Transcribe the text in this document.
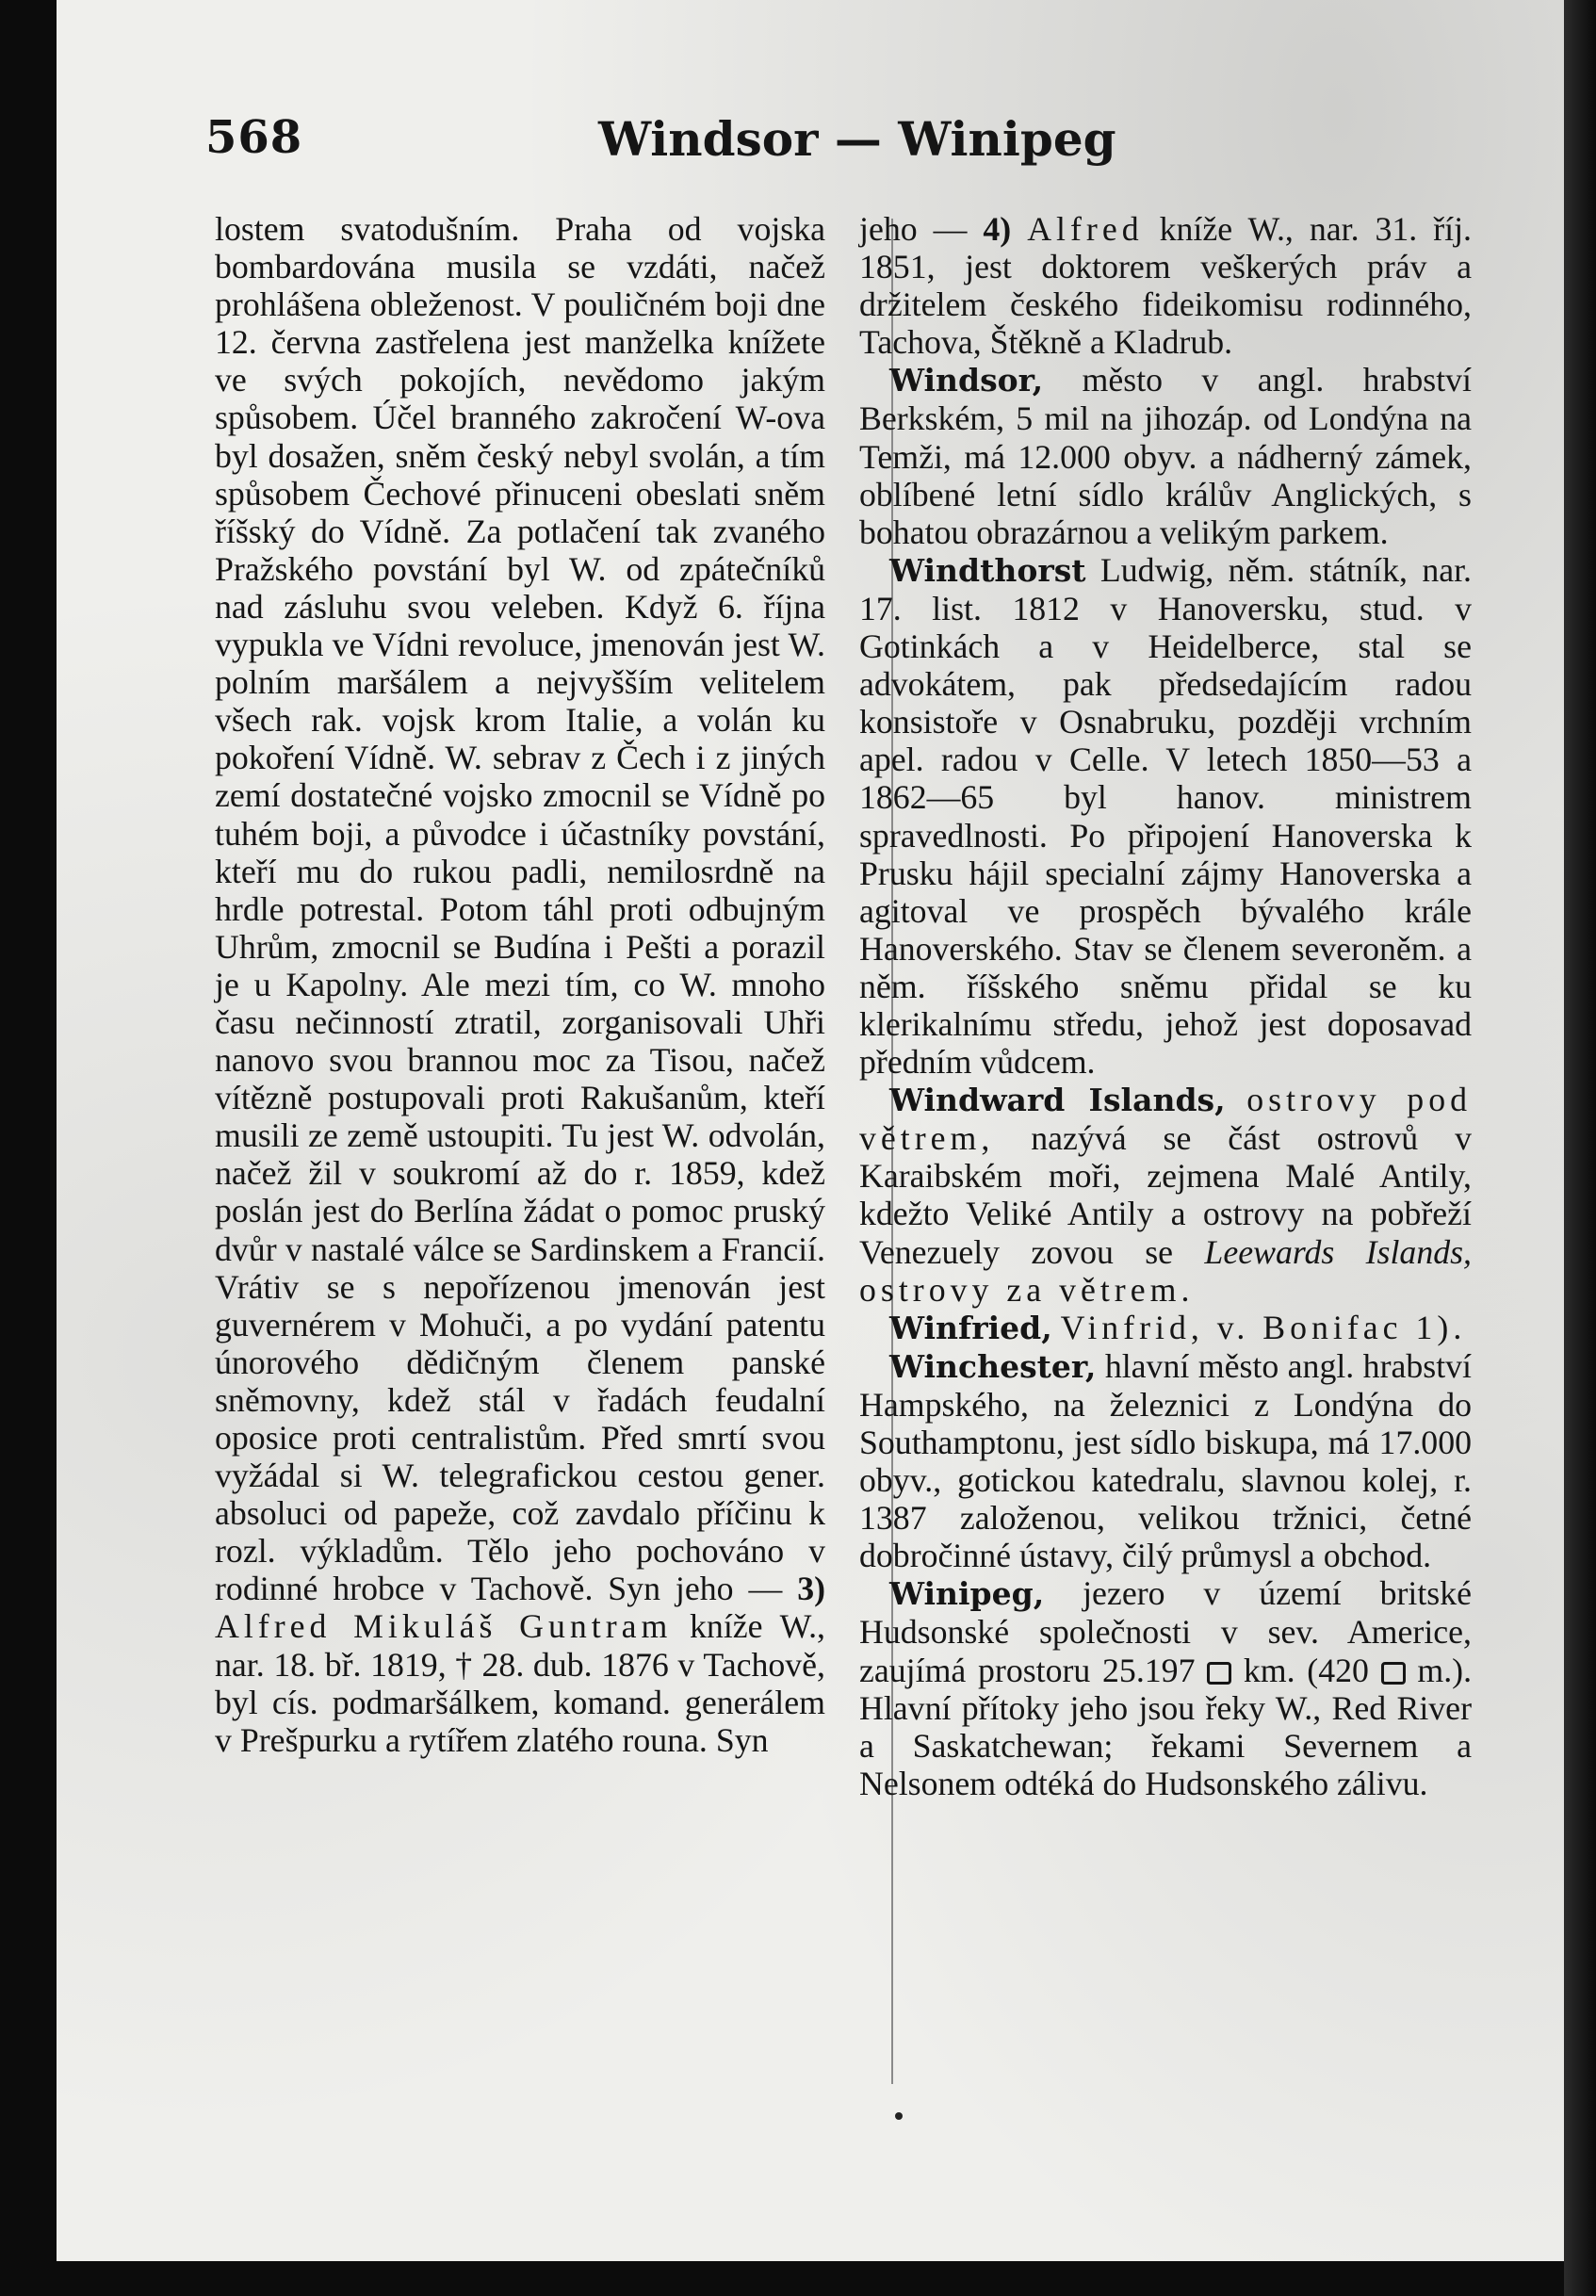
568	Windsor — Winipeg

lostem svatodušním. Praha od vojska bombardována musila se vzdáti, načež prohlášena obleženost. V pouličném boji dne 12. června zastřelena jest manželka knížete ve svých pokojích, nevědomo jakým spůsobem. Účel branného zakročení W-ova byl dosažen, sněm český nebyl svolán, a tím spůsobem Čechové přinuceni obeslati sněm říšský do Vídně. Za potlačení tak zvaného Pražského povstání byl W. od zpátečníků nad zásluhu svou veleben. Když 6. října vypukla ve Vídni revoluce, jmenován jest W. polním maršálem a nejvyšším velitelem všech rak. vojsk krom Italie, a volán ku pokoření Vídně. W. sebrav z Čech i z jiných zemí dostatečné vojsko zmocnil se Vídně po tuhém boji, a původce i účastníky povstání, kteří mu do rukou padli, nemilosrdně na hrdle potrestal. Potom táhl proti odbujným Uhrům, zmocnil se Budína i Pešti a porazil je u Kapolny. Ale mezi tím, co W. mnoho času nečinností ztratil, zorganisovali Uhři nanovo svou brannou moc za Tisou, načež vítězně postupovali proti Rakušanům, kteří musili ze země ustoupiti. Tu jest W. odvolán, načež žil v soukromí až do r. 1859, kdež poslán jest do Berlína žádat o pomoc pruský dvůr v nastalé válce se Sardinskem a Francií. Vrátiv se s nepořízenou jmenován jest guvernérem v Mohuči, a po vydání patentu únorového dědičným členem panské sněmovny, kdež stál v řadách feudalní oposice proti centralistům. Před smrtí svou vyžádal si W. telegrafickou cestou gener. absoluci od papeže, což zavdalo příčinu k rozl. výkladům. Tělo jeho pochováno v rodinné hrobce v Tachově. Syn jeho — 3) Alfred Mikuláš Guntram kníže W., nar. 18. bř. 1819, † 28. dub. 1876 v Tachově, byl cís. podmaršálkem, komand. generálem v Prešpurku a rytířem zlatého rouna. Syn

jeho — 4) Alfred kníže W., nar. 31. říj. 1851, jest doktorem veškerých práv a držitelem českého fideikomisu rodinného, Tachova, Štěkně a Kladrub.

Windsor, město v angl. hrabství Berkském, 5 mil na jihozáp. od Londýna na Temži, má 12.000 obyv. a nádherný zámek, oblíbené letní sídlo králův Anglických, s bohatou obrazárnou a velikým parkem.

Windthorst Ludwig, něm. státník, nar. 17. list. 1812 v Hanoversku, stud. v Gotinkách a v Heidelberce, stal se advokátem, pak předsedajícím radou konsistoře v Osnabruku, později vrchním apel. radou v Celle. V letech 1850—53 a 1862—65 byl hanov. ministrem spravedlnosti. Po připojení Hanoverska k Prusku hájil specialní zájmy Hanoverska a agitoval ve prospěch bývalého krále Hanoverského. Stav se členem severoněm. a něm. říšského sněmu přidal se ku klerikalnímu středu, jehož jest doposavad předním vůdcem.

Windward Islands, ostrovy pod větrem, nazývá se část ostrovů v Karaibském moři, zejmena Malé Antily, kdežto Veliké Antily a ostrovy na pobřeží Venezuely zovou se Leewards Islands, ostrovy za větrem.

Winfried, Vinfrid, v. Bonifac 1).

Winchester, hlavní město angl. hrabství Hampského, na železnici z Londýna do Southamptonu, jest sídlo biskupa, má 17.000 obyv., gotickou katedralu, slavnou kolej, r. 1387 založenou, velikou tržnici, četné dobročinné ústavy, čilý průmysl a obchod.

Winipeg, jezero v území britské Hudsonské společnosti v sev. Americe, zaujímá prostoru 25.197 km. (420 m.). Hlavní přítoky jeho jsou řeky W., Red River a Saskatchewan; řekami Severnem a Nelsonem odtéká do Hudsonského zálivu.
